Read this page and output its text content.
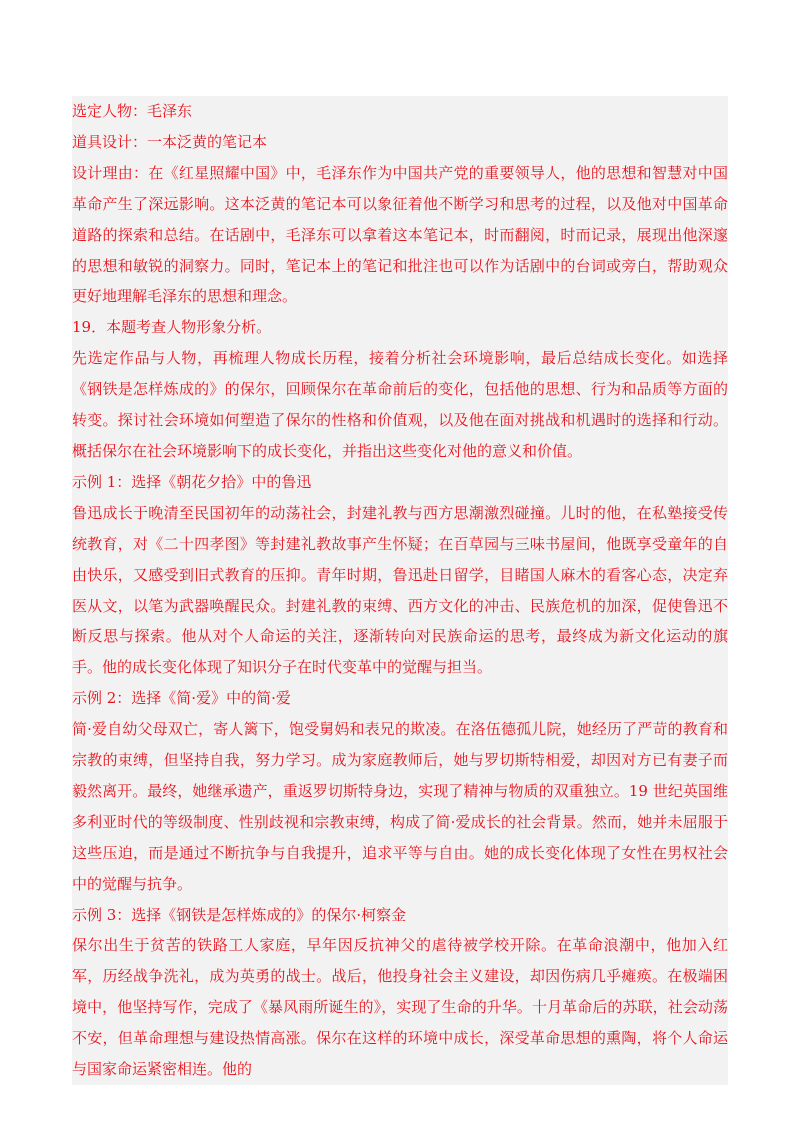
选定人物：毛泽东

道具设计：一本泛黄的笔记本

设计理由：在《红星照耀中国》中，毛泽东作为中国共产党的重要领导人，他的思想和智慧对中国革命产生了深远影响。这本泛黄的笔记本可以象征着他不断学习和思考的过程，以及他对中国革命道路的探索和总结。在话剧中，毛泽东可以拿着这本笔记本，时而翻阅，时而记录，展现出他深邃的思想和敏锐的洞察力。同时，笔记本上的笔记和批注也可以作为话剧中的台词或旁白，帮助观众更好地理解毛泽东的思想和理念。

19．本题考查人物形象分析。

先选定作品与人物，再梳理人物成长历程，接着分析社会环境影响，最后总结成长变化。如选择《钢铁是怎样炼成的》的保尔，回顾保尔在革命前后的变化，包括他的思想、行为和品质等方面的转变。探讨社会环境如何塑造了保尔的性格和价值观，以及他在面对挑战和机遇时的选择和行动。概括保尔在社会环境影响下的成长变化，并指出这些变化对他的意义和价值。

示例 1：选择《朝花夕拾》中的鲁迅

鲁迅成长于晚清至民国初年的动荡社会，封建礼教与西方思潮激烈碰撞。儿时的他，在私塾接受传统教育，对《二十四孝图》等封建礼教故事产生怀疑；在百草园与三味书屋间，他既享受童年的自由快乐，又感受到旧式教育的压抑。青年时期，鲁迅赴日留学，目睹国人麻木的看客心态，决定弃医从文，以笔为武器唤醒民众。封建礼教的束缚、西方文化的冲击、民族危机的加深，促使鲁迅不断反思与探索。他从对个人命运的关注，逐渐转向对民族命运的思考，最终成为新文化运动的旗手。他的成长变化体现了知识分子在时代变革中的觉醒与担当。

示例 2：选择《简·爱》中的简·爱

简·爱自幼父母双亡，寄人篱下，饱受舅妈和表兄的欺凌。在洛伍德孤儿院，她经历了严苛的教育和宗教的束缚，但坚持自我，努力学习。成为家庭教师后，她与罗切斯特相爱，却因对方已有妻子而毅然离开。最终，她继承遗产，重返罗切斯特身边，实现了精神与物质的双重独立。19 世纪英国维多利亚时代的等级制度、性别歧视和宗教束缚，构成了简·爱成长的社会背景。然而，她并未屈服于这些压迫，而是通过不断抗争与自我提升，追求平等与自由。她的成长变化体现了女性在男权社会中的觉醒与抗争。

示例 3：选择《钢铁是怎样炼成的》的保尔·柯察金

保尔出生于贫苦的铁路工人家庭，早年因反抗神父的虐待被学校开除。在革命浪潮中，他加入红军，历经战争洗礼，成为英勇的战士。战后，他投身社会主义建设，却因伤病几乎瘫痪。在极端困境中，他坚持写作，完成了《暴风雨所诞生的》，实现了生命的升华。十月革命后的苏联，社会动荡不安，但革命理想与建设热情高涨。保尔在这样的环境中成长，深受革命思想的熏陶，将个人命运与国家命运紧密相连。他的
